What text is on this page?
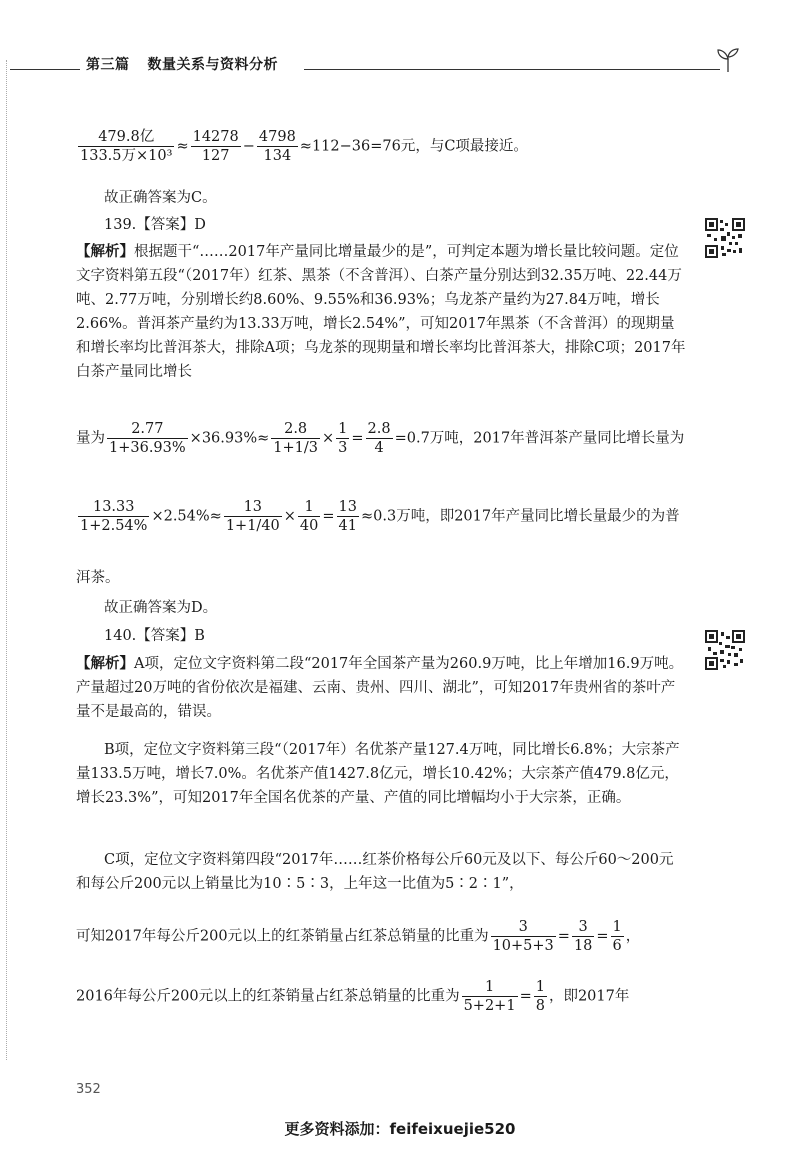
第三篇 数量关系与资料分析
$\frac{\text{479.8亿}}{\text{133.5万×10³}} \approx \frac{14278}{127} - \frac{4798}{134} \approx 112-36=76$元，与C项最接近。
故正确答案为C。
139.【答案】D
【解析】根据题干“……2017年产量同比增量最少的是”，可判定本题为增长量比较问题。定位文字资料第五段“（2017年）红茶、黑茶（不含普洱）、白茶产量分别达到32.35万吨、22.44万吨、2.77万吨，分别增长约8.60%、9.55%和36.93%；乌龙茶产量约为27.84万吨，增长2.66%。普洱茶产量约为13.33万吨，增长2.54%”，可知2017年黑茶（不含普洱）的现期量和增长率均比普洱茶大，排除A项；乌龙茶的现期量和增长率均比普洱茶大，排除C项；2017年白茶产量同比增长
量为 $\frac{2.77}{1+36.93\%} \times 36.93\%\approx \frac{2.8}{1+1/3} \times \frac{1}{3} = \frac{2.8}{4} =0.7$万吨，2017年普洱茶产量同比增长量为
$\frac{13.33}{1+2.54\%} \times 2.54\%\approx \frac{13}{1+1/40} \times \frac{1}{40} = \frac{13}{41} \approx 0.3$万吨，即2017年产量同比增长量最少的为普
洱茶。
故正确答案为D。
140.【答案】B
【解析】A项，定位文字资料第二段“2017年全国茶产量为260.9万吨，比上年增加16.9万吨。产量超过20万吨的省份依次是福建、云南、贵州、四川、湖北”，可知2017年贵州省的茶叶产量不是最高的，错误。
B项，定位文字资料第三段“（2017年）名优茶产量127.4万吨，同比增长6.8%；大宗茶产量133.5万吨，增长7.0%。名优茶产值1427.8亿元，增长10.42%；大宗茶产值479.8亿元，增长23.3%”，可知2017年全国名优茶的产量、产值的同比增幅均小于大宗茶，正确。
C项，定位文字资料第四段“2017年……红茶价格每公斤60元及以下、每公斤60～200元和每公斤200元以上销量比为10∶5∶3，上年这一比值为5∶2∶1”，
可知2017年每公斤200元以上的红茶销量占红茶总销量的比重为 $\frac{3}{10+5+3} = \frac{3}{18} = \frac{1}{6}$ ，
2016年每公斤200元以上的红茶销量占红茶总销量的比重为 $\frac{1}{5+2+1} = \frac{1}{8}$ ，即2017年
352
更多资料添加：feifeixuejie520
